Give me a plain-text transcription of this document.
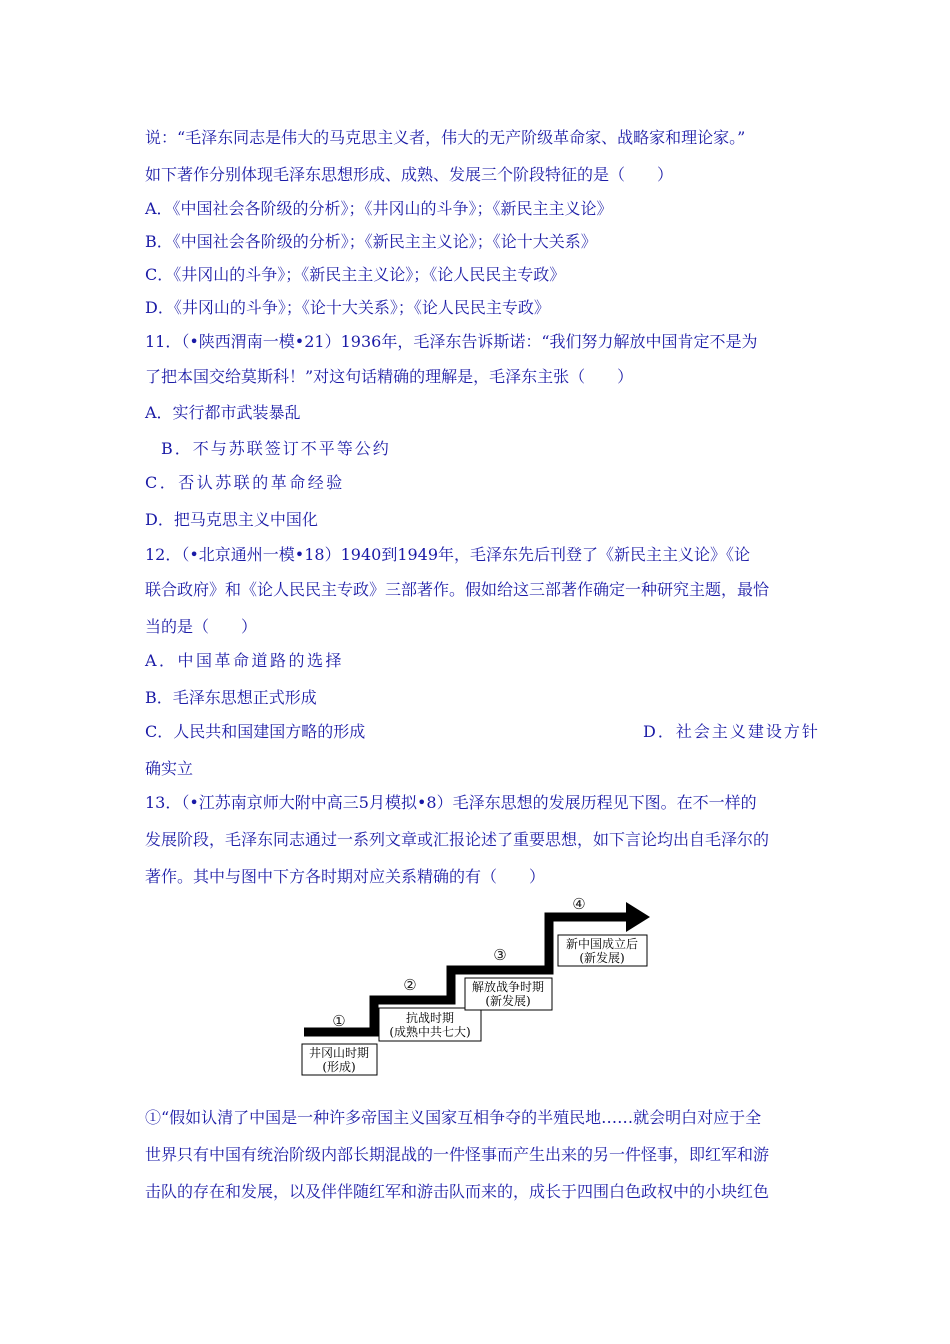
说：“毛泽东同志是伟大的马克思主义者，伟大的无产阶级革命家、战略家和理论家。”
如下著作分别体现毛泽东思想形成、成熟、发展三个阶段特征的是（　　）
A．《中国社会各阶级的分析》；《井冈山的斗争》；《新民主主义论》
B．《中国社会各阶级的分析》；《新民主主义论》；《论十大关系》
C．《井冈山的斗争》；《新民主主义论》；《论人民民主专政》
D．《井冈山的斗争》；《论十大关系》；《论人民民主专政》
11．（•陕西渭南一模•21）1936年，毛泽东告诉斯诺：“我们努力解放中国肯定不是为
了把本国交给莫斯科！”对这句话精确的理解是，毛泽东主张（　　）
A．实行都市武装暴乱
B．不与苏联签订不平等公约
C．否认苏联的革命经验
D．把马克思主义中国化
12．（•北京通州一模•18）1940到1949年，毛泽东先后刊登了《新民主主义论》《论
联合政府》和《论人民民主专政》三部著作。假如给这三部著作确定一种研究主题，最恰
当的是（　　）
A．中国革命道路的选择
B．毛泽东思想正式形成
C．人民共和国建国方略的形成	D．社会主义建设方针
确实立
13．（•江苏南京师大附中高三5月模拟•8）毛泽东思想的发展历程见下图。在不一样的
发展阶段，毛泽东同志通过一系列文章或汇报论述了重要思想，如下言论均出自毛泽尔的
著作。其中与图中下方各时期对应关系精确的有（　　）
①
②
③
④
井冈山时期
(形成)
抗战时期
(成熟中共七大)
解放战争时期
(新发展)
新中国成立后
(新发展)
①“假如认清了中国是一种许多帝国主义国家互相争夺的半殖民地……就会明白对应于全
世界只有中国有统治阶级内部长期混战的一件怪事而产生出来的另一件怪事，即红军和游
击队的存在和发展，以及伴伴随红军和游击队而来的，成长于四围白色政权中的小块红色
